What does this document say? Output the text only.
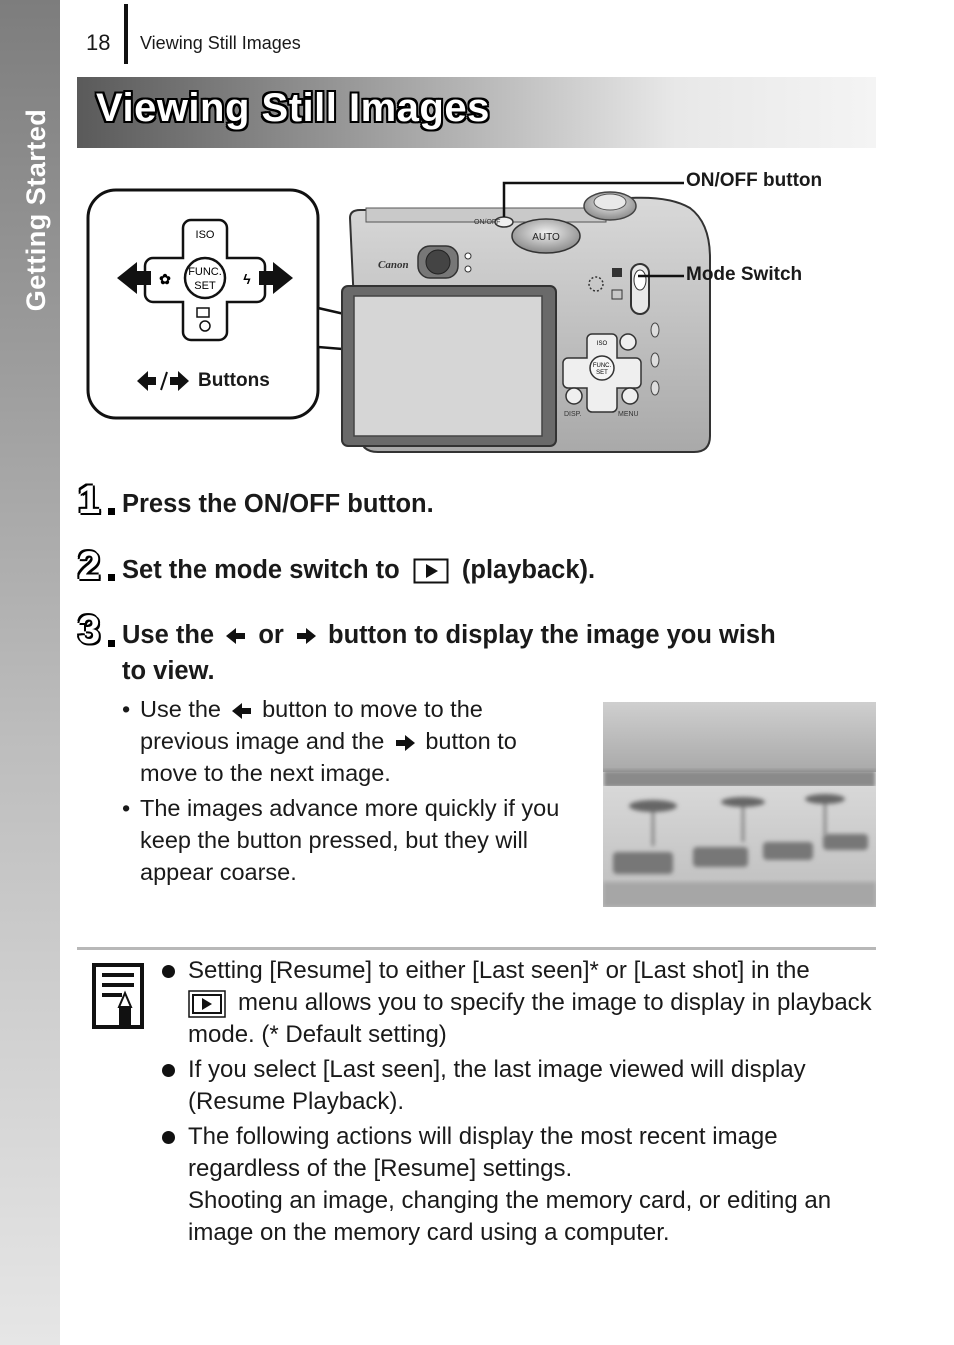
Getting Started
18 Viewing Still Images
Viewing Still Images
FUNC.
SET
ISO
✿	ϟ
AUTO
ON/OFF
Canon
FUNC.
SET
ISO
DISP.	MENU
ON/OFF button
Mode Switch
Buttons
1 Press the ON/OFF button.
2 Set the mode switch to (playback).
3 Use the or button to display the image you wish
to view.
• Use the button to move to the
previous image and the button to
move to the next image.
• The images advance more quickly if you keep the button pressed, but they will appear coarse.
Setting [Resume] to either [Last seen]* or [Last shot] in the
menu allows you to specify the image to display in playback mode. (* Default setting)
If you select [Last seen], the last image viewed will display (Resume Playback).
The following actions will display the most recent image regardless of the [Resume] settings.
Shooting an image, changing the memory card, or editing an image on the memory card using a computer.
